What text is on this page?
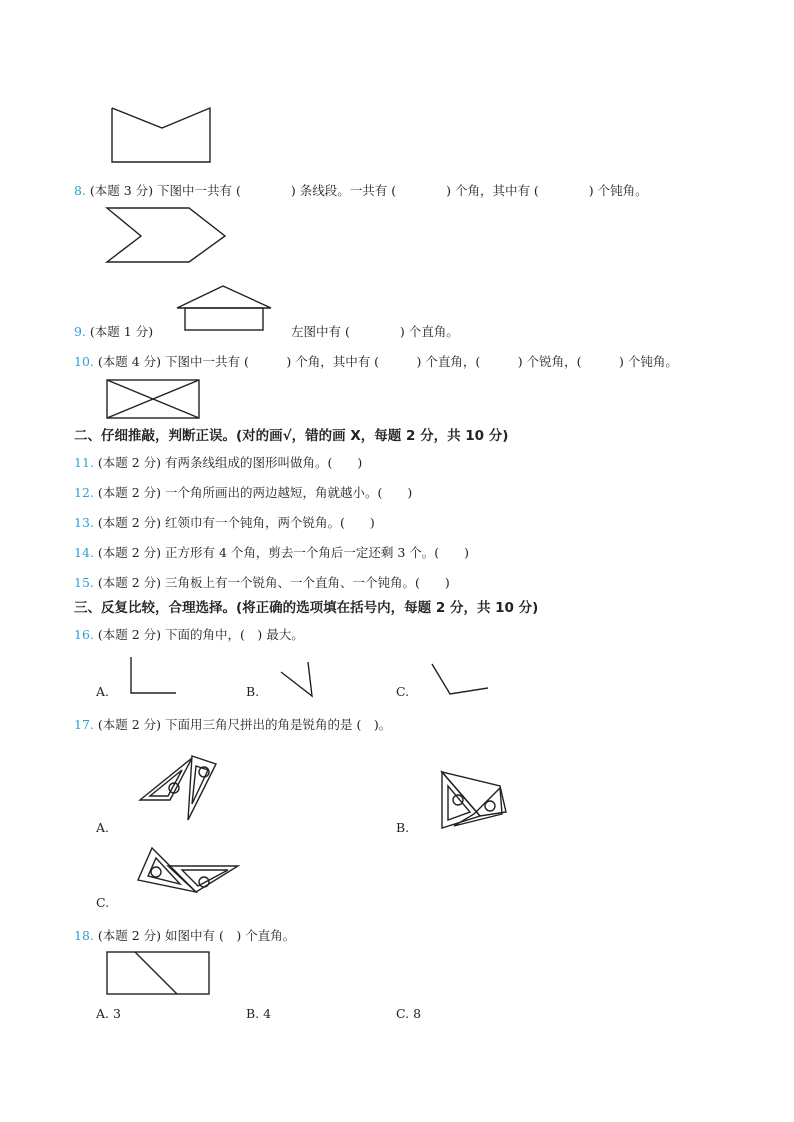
8. (本题 3 分) 下图中一共有 (　　　　) 条线段。一共有 (　　　　) 个角，其中有 (　　　　) 个钝角。
9. (本题 1 分)	左图中有 (　　　　) 个直角。
10. (本题 4 分) 下图中一共有 (　　　) 个角，其中有 (　　　) 个直角，(　　　) 个锐角，(　　　) 个钝角。
二、仔细推敲，判断正误。(对的画√，错的画 X，每题 2 分，共 10 分)
11. (本题 2 分) 有两条线组成的图形叫做角。(　　)
12. (本题 2 分) 一个角所画出的两边越短，角就越小。(　　)
13. (本题 2 分) 红领巾有一个钝角，两个锐角。(　　)
14. (本题 2 分) 正方形有 4 个角，剪去一个角后一定还剩 3 个。(　　)
15. (本题 2 分) 三角板上有一个锐角、一个直角、一个钝角。(　　)
三、反复比较，合理选择。(将正确的选项填在括号内，每题 2 分，共 10 分)
16. (本题 2 分) 下面的角中，(　) 最大。
A.	B.	C.
17. (本题 2 分) 下面用三角尺拼出的角是锐角的是 (　)。
A.	B.
C.
18. (本题 2 分) 如图中有 (　) 个直角。
A. 3	B. 4	C. 8
